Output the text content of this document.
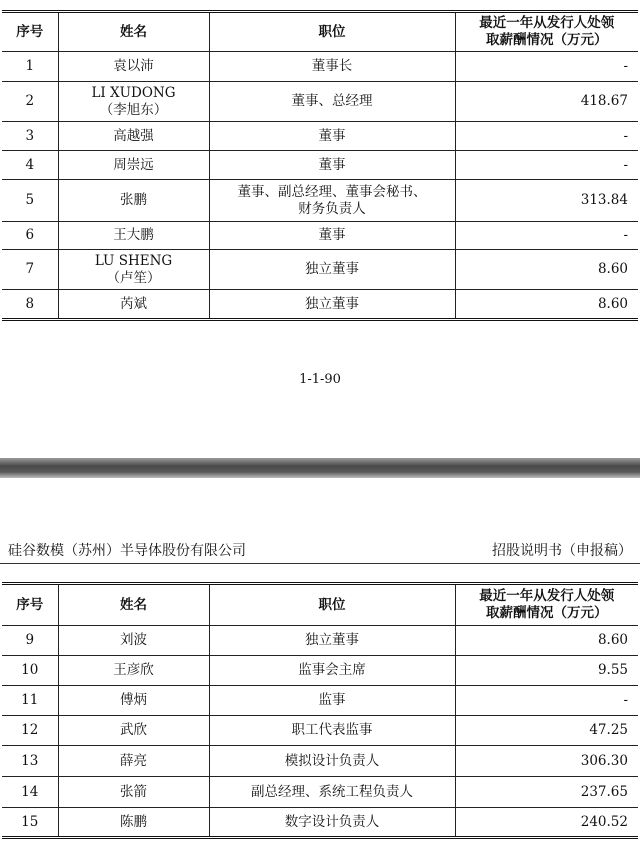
序号	姓名	职位	最近一年从发行人处领
取薪酬情况（万元）

1	袁以沛	董事长	-
2	LI XUDONG
（李旭东）	董事、总经理	418.67
3	高越强	董事	-
4	周崇远	董事	-
5	张鹏	董事、副总经理、董事会秘书、
财务负责人	313.84
6	王大鹏	董事	-
7	LU SHENG
（卢笙）	独立董事	8.60
8	芮斌	独立董事	8.60
1-1-90
硅谷数模（苏州）半导体股份有限公司	招股说明书（申报稿）
序号	姓名	职位	最近一年从发行人处领
取薪酬情况（万元）

9	刘波	独立董事	8.60
10	王彦欣	监事会主席	9.55
11	傅炳	监事	-
12	武欣	职工代表监事	47.25
13	薛亮	模拟设计负责人	306.30
14	张箭	副总经理、系统工程负责人	237.65
15	陈鹏	数字设计负责人	240.52
